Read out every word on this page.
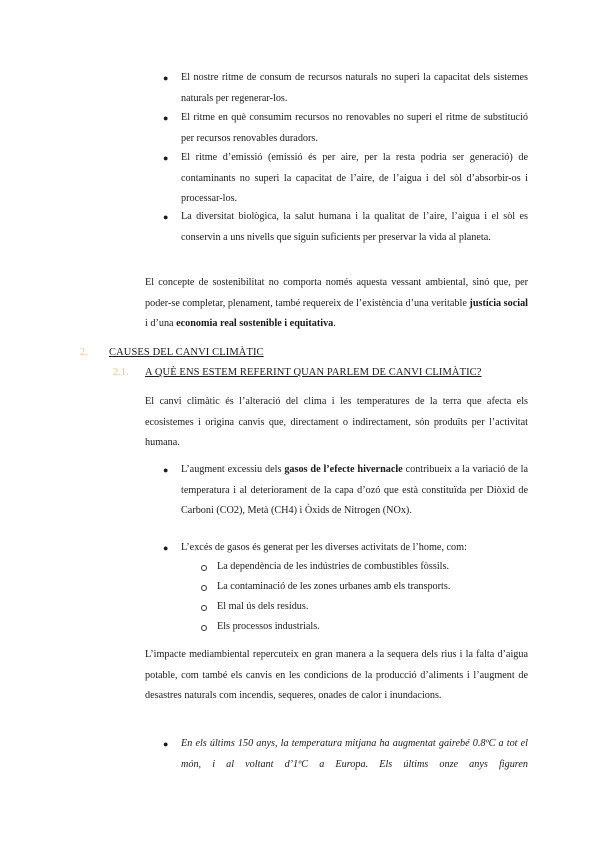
● El nostre ritme de consum de recursos naturals no superi la capacitat dels sistemes naturals per regenerar-los.
● El ritme en què consumim recursos no renovables no superi el ritme de substitució per recursos renovables duradors.
● El ritme d’emissió (emissió és per aire, per la resta podria ser generació) de contaminants no superi la capacitat de l’aire, de l’aigua i del sòl d’absorbir-os i processar-los.
● La diversitat biològica, la salut humana i la qualitat de l’aire, l’aigua i el sòl es conservin a uns nivells que siguin suficients per preservar la vida al planeta.
El concepte de sostenibilitat no comporta només aquesta vessant ambiental, sinó que, per poder-se completar, plenament, també requereix de l’existència d’una veritable justícia social i d’una economia real sostenible i equitativa.
2. CAUSES DEL CANVI CLIMÀTIC
2.1. A QUÈ ENS ESTEM REFERINT QUAN PARLEM DE CANVI CLIMÀTIC?
El canvi climàtic és l’alteració del clima i les temperatures de la terra que afecta els ecosistemes i origina canvis que, directament o indirectament, són produïts per l’activitat humana.
● L’augment excessiu dels gasos de l’efecte hivernacle contribueix a la variació de la temperatura i al deteriorament de la capa d’ozó que està constituïda per Diòxid de Carboni (CO2), Metà (CH4) i Òxids de Nitrogen (NOx).
● L’excés de gasos és generat per les diverses activitats de l’home, com:
La dependència de les indústries de combustibles fòssils.
La contaminació de les zones urbanes amb els transports.
El mal ús dels residus.
Els processos industrials.
L’impacte mediambiental repercuteix en gran manera a la sequera dels rius i la falta d’aigua potable, com també els canvis en les condicions de la producció d’aliments i l’augment de desastres naturals com incendis, sequeres, onades de calor i inundacions.
● En els últims 150 anys, la temperatura mitjana ha augmentat gairebé 0.8ºC a tot el món, i al voltant d’1ºC a Europa. Els últims onze anys figuren
